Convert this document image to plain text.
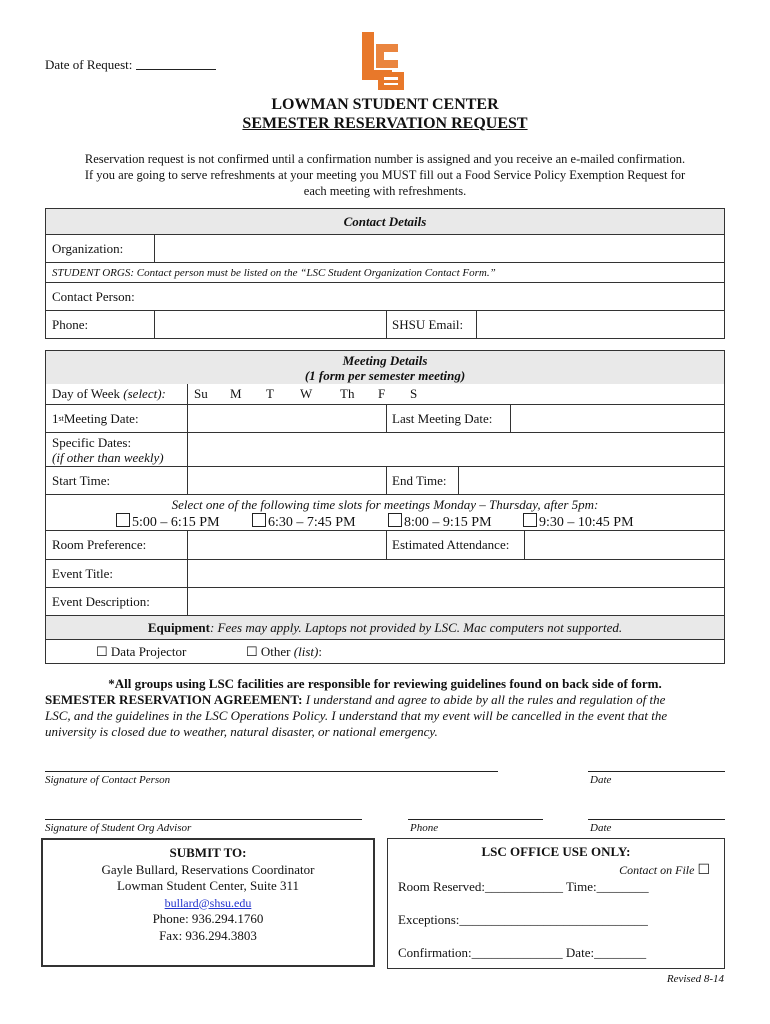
Date of Request:
LOWMAN STUDENT CENTER
SEMESTER RESERVATION REQUEST
Reservation request is not confirmed until a confirmation number is assigned and you receive an e-mailed confirmation.
If you are going to serve refreshments at your meeting you MUST fill out a Food Service Policy Exemption Request for
each meeting with refreshments.
Contact Details
Organization:
STUDENT ORGS: Contact person must be listed on the “LSC Student Organization Contact Form.”
Contact Person:
Phone:	SHSU Email:
Meeting Details
(1 form per semester meeting)
Day of Week (select): Su M T W Th F S
1 st Meeting Date:	Last Meeting Date:
Specific Dates:
(if other than weekly)
Start Time:	End Time:
Select one of the following time slots for meetings Monday – Thursday, after 5pm:
5:00 – 6:15 PM	6:30 – 7:45 PM	8:00 – 9:15 PM	9:30 – 10:45 PM
Room Preference:	Estimated Attendance:
Event Title:
Event Description:
Equipment : Fees may apply. Laptops not provided by LSC. Mac computers not supported.
☐ Data Projector	☐ Other (list):
*All groups using LSC facilities are responsible for reviewing guidelines found on back side of form.
SEMESTER RESERVATION AGREEMENT: I understand and agree to abide by all the rules and regulation of the
LSC, and the guidelines in the LSC Operations Policy. I understand that my event will be cancelled in the event that the
university is closed due to weather, natural disaster, or national emergency.
Signature of Contact Person	Date
Signature of Student Org Advisor	Phone	Date
SUBMIT TO:
Gayle Bullard, Reservations Coordinator
Lowman Student Center, Suite 311
bullard@shsu.edu
Phone: 936.294.1760
Fax: 936.294.3803
LSC OFFICE USE ONLY:
Contact on File ☐
Room Reserved:____________ Time:________
Exceptions:_____________________________
Confirmation:______________ Date:________
Revised 8-14
